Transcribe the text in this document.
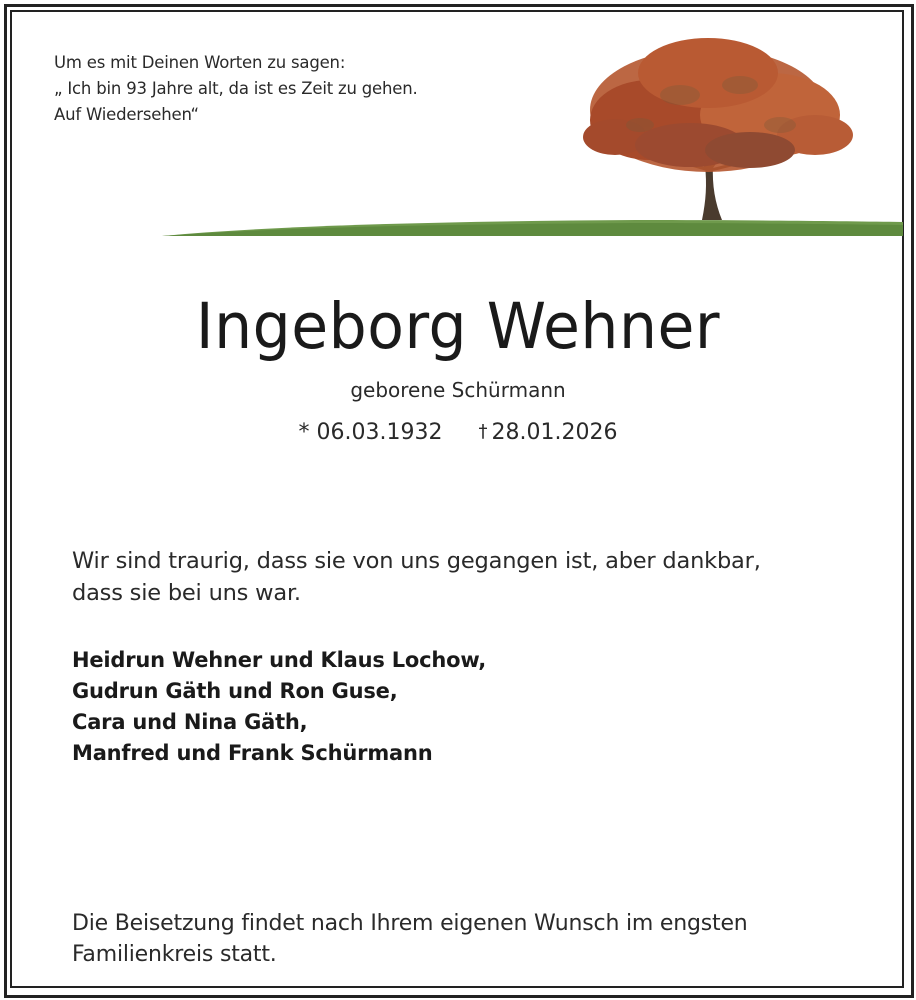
Um es mit Deinen Worten zu sagen:
„ Ich bin 93 Jahre alt, da ist es Zeit zu gehen.
Auf Wiedersehen“
Ingeborg Wehner
geborene Schürmann
* 06.03.1932 † 28.01.2026
Wir sind traurig, dass sie von uns gegangen ist, aber dankbar,
dass sie bei uns war.
Heidrun Wehner und Klaus Lochow,
Gudrun Gäth und Ron Guse,
Cara und Nina Gäth,
Manfred und Frank Schürmann
Die Beisetzung findet nach Ihrem eigenen Wunsch im engsten
Familienkreis statt.
